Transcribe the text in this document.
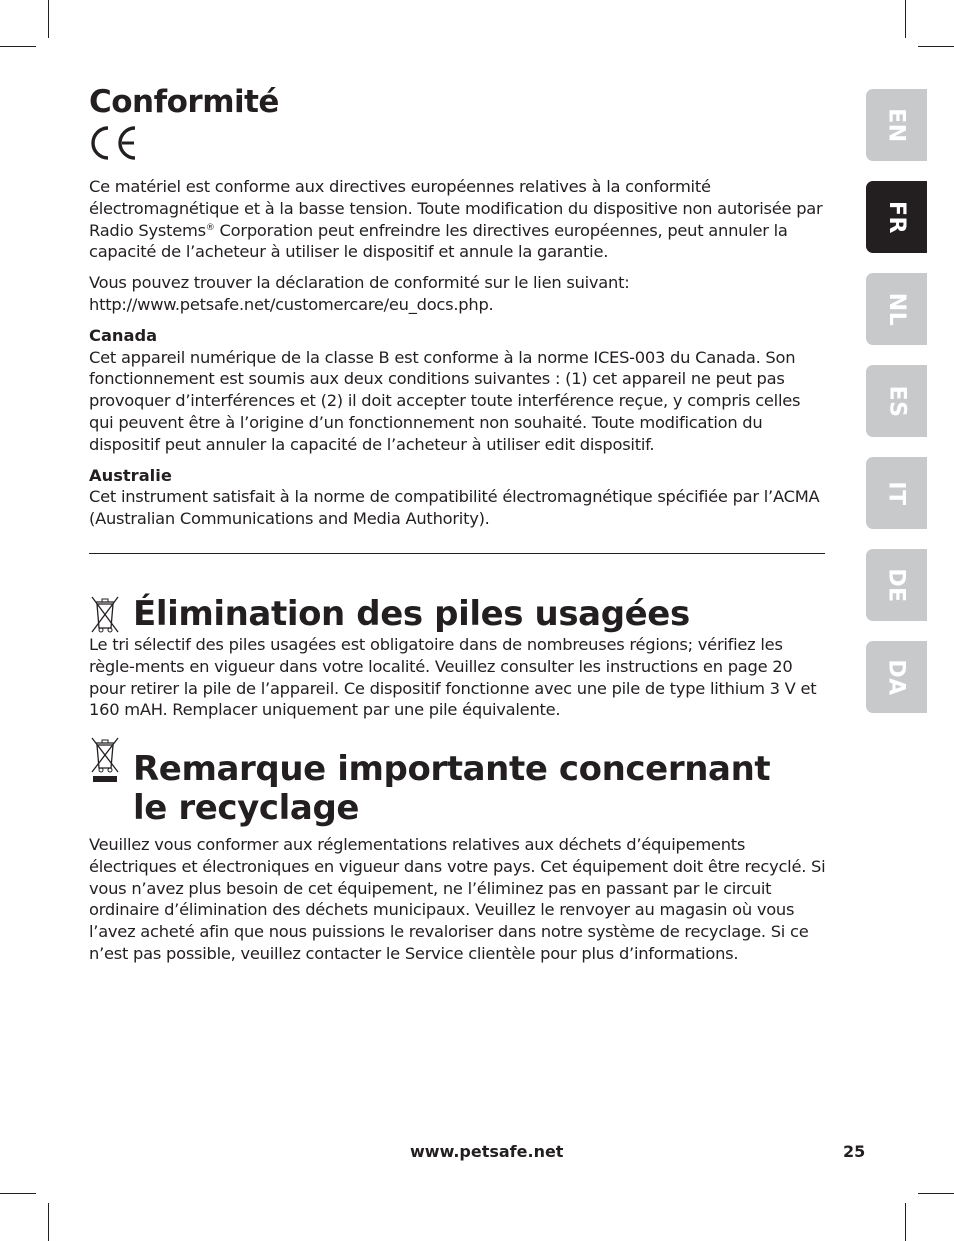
EN
FR
NL
ES
IT
DE
DA
Conformité

Ce matériel est conforme aux directives européennes relatives à la conformité électromagnétique et à la basse tension. Toute modification du dispositive non autorisée par Radio Systems® Corporation peut enfreindre les directives européennes, peut annuler la capacité de l’acheteur à utiliser le dispositif et annule la garantie.

Vous pouvez trouver la déclaration de conformité sur le lien suivant: http://www.petsafe.net/customercare/eu_docs.php.

Canada

Cet appareil numérique de la classe B est conforme à la norme ICES-003 du Canada. Son fonctionnement est soumis aux deux conditions suivantes : (1) cet appareil ne peut pas provoquer d’interférences et (2) il doit accepter toute interférence reçue, y compris celles qui peuvent être à l’origine d’un fonctionnement non souhaité. Toute modification du dispositif peut annuler la capacité de l’acheteur à utiliser edit dispositif.

Australie

Cet instrument satisfait à la norme de compatibilité électromagnétique spécifiée par l’ACMA (Australian Communications and Media Authority).

Élimination des piles usagées

Le tri sélectif des piles usagées est obligatoire dans de nombreuses régions; vérifiez les règle-ments en vigueur dans votre localité. Veuillez consulter les instructions en page 20 pour retirer la pile de l’appareil. Ce dispositif fonctionne avec une pile de type lithium 3 V et 160 mAH. Remplacer uniquement par une pile équivalente.

Remarque importante concernant
le recyclage

Veuillez vous conformer aux réglementations relatives aux déchets d’équipements électriques et électroniques en vigueur dans votre pays. Cet équipement doit être recyclé. Si vous n’avez plus besoin de cet équipement, ne l’éliminez pas en passant par le circuit ordinaire d’élimination des déchets municipaux. Veuillez le renvoyer au magasin où vous l’avez acheté afin que nous puissions le revaloriser dans notre système de recyclage. Si ce n’est pas possible, veuillez contacter le Service clientèle pour plus d’informations.

www.petsafe.net	25
